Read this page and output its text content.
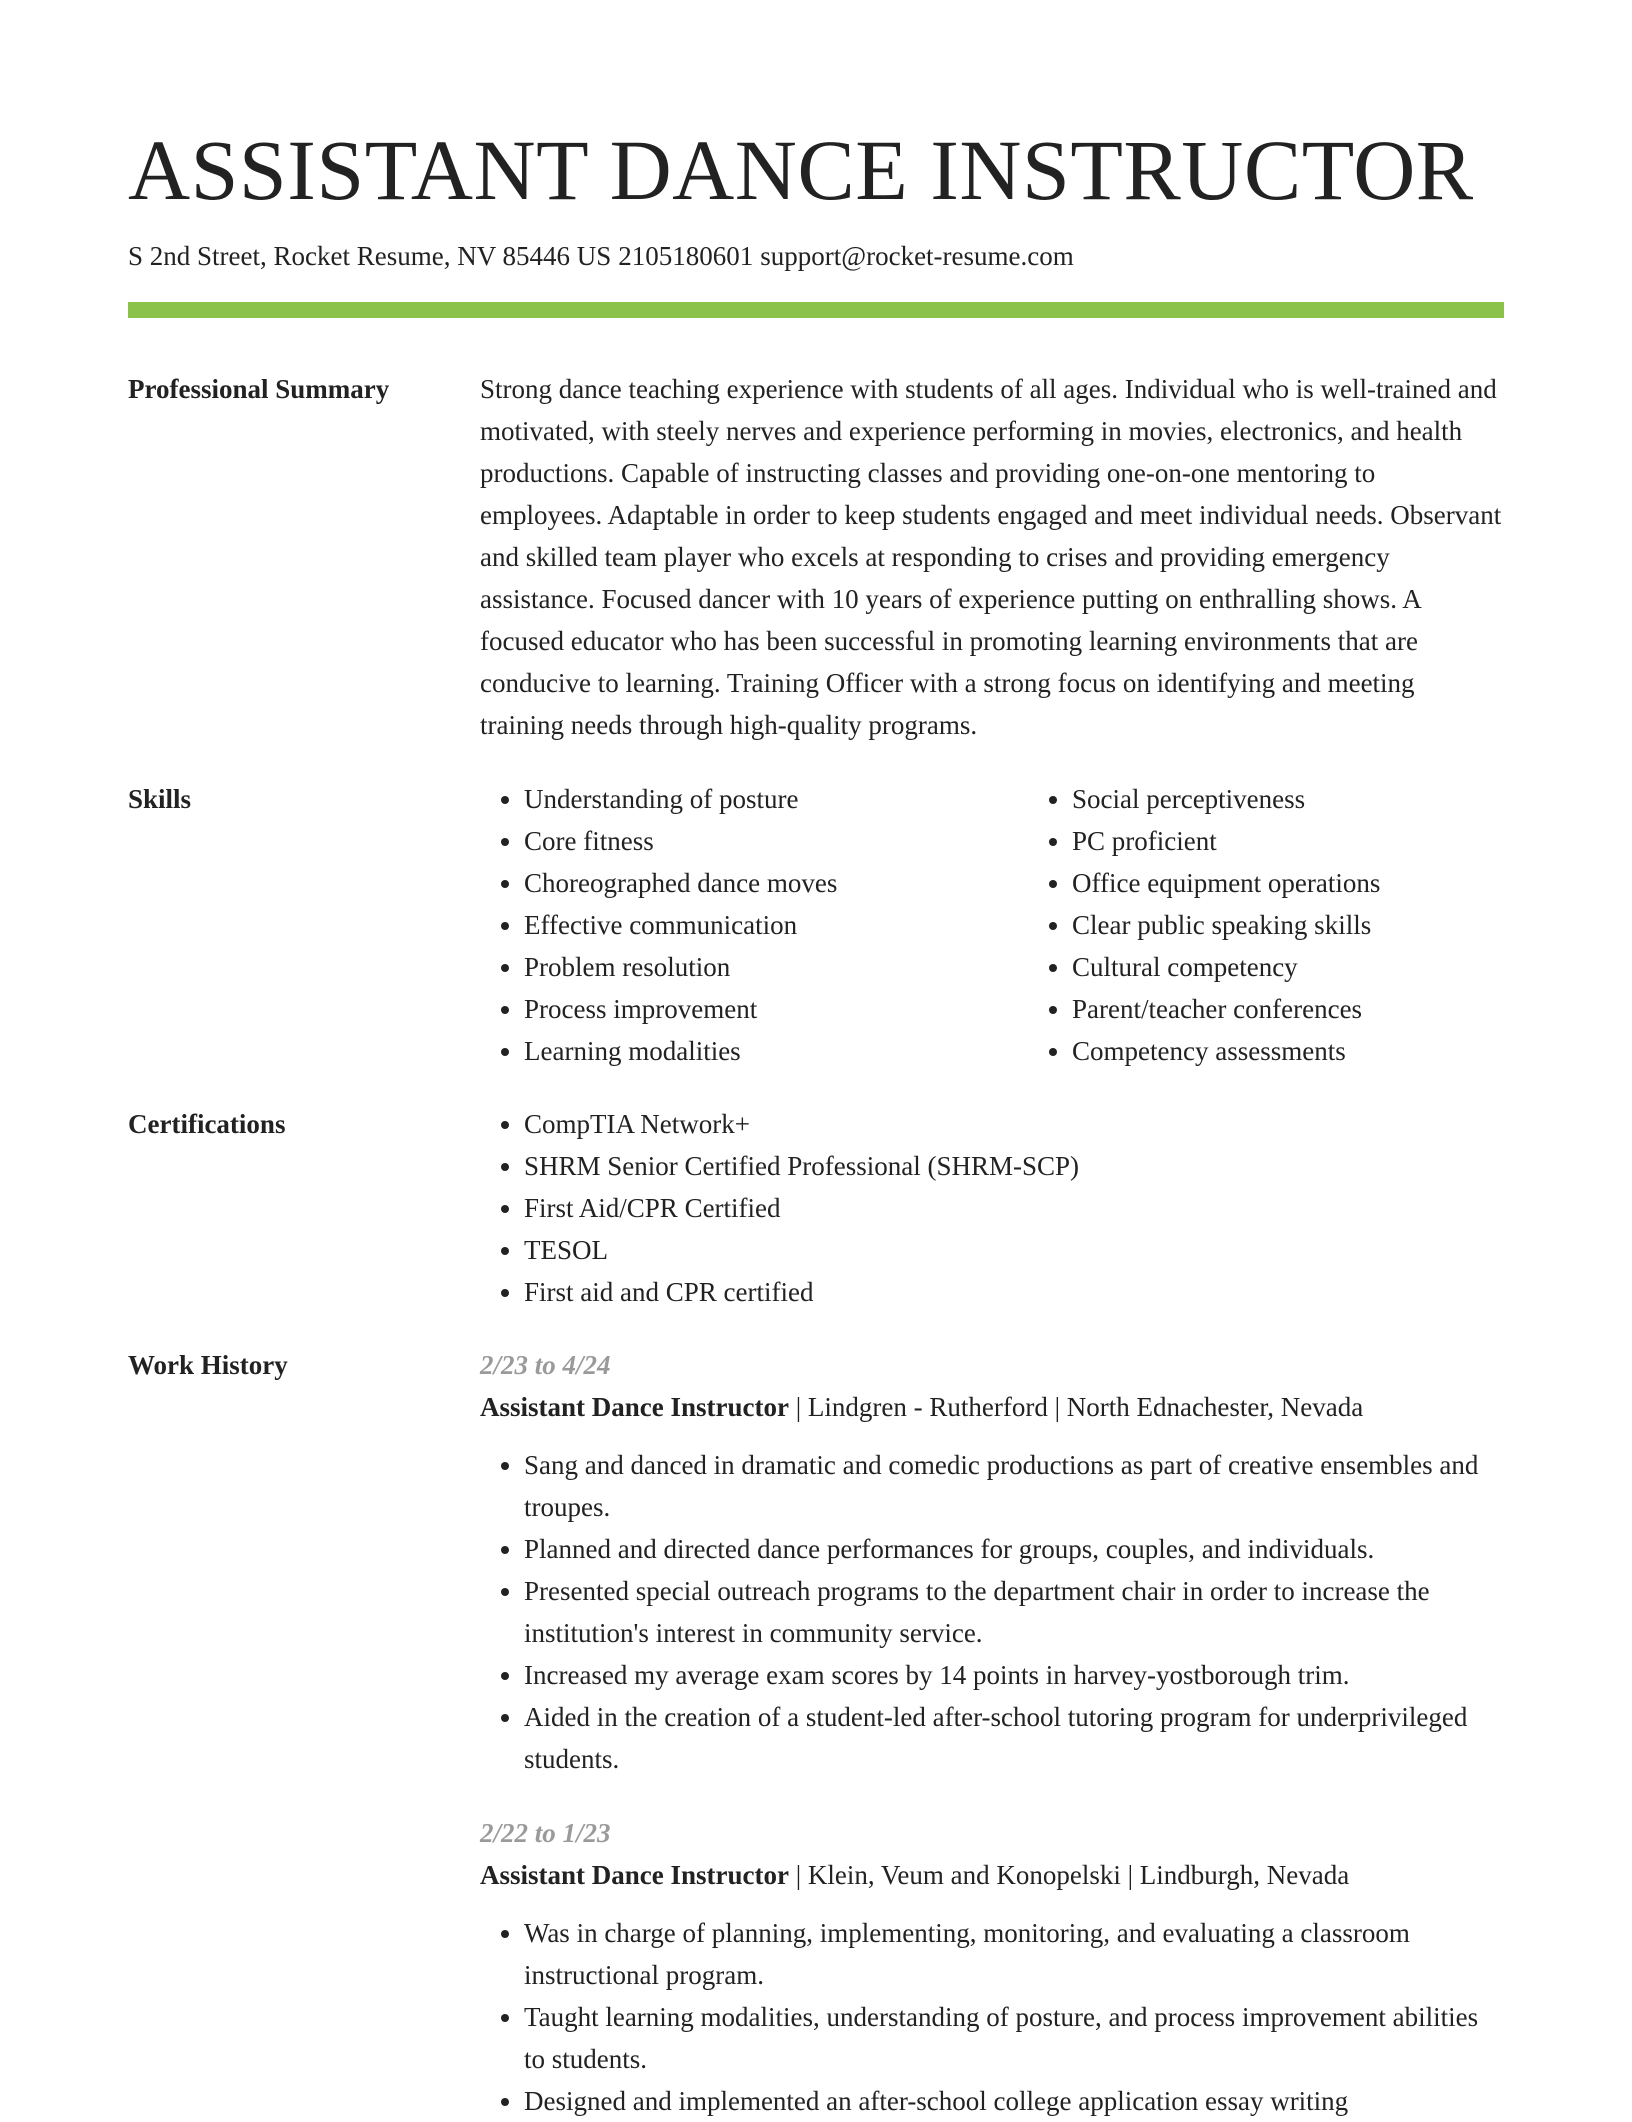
ASSISTANT DANCE INSTRUCTOR
S 2nd Street, Rocket Resume, NV 85446 US 2105180601 support@rocket-resume.com
Professional Summary	Strong dance teaching experience with students of all ages. Individual who is well-trained and motivated, with steely nerves and experience performing in movies, electronics, and health productions. Capable of instructing classes and providing one-on-one mentoring to employees. Adaptable in order to keep students engaged and meet individual needs. Observant and skilled team player who excels at responding to crises and providing emergency assistance. Focused dancer with 10 years of experience putting on enthralling shows. A focused educator who has been successful in promoting learning environments that are conducive to learning. Training Officer with a strong focus on identifying and meeting training needs through high-quality programs.
Skills	• Understanding of posture
• Core fitness
• Choreographed dance moves
• Effective communication
• Problem resolution
• Process improvement
• Learning modalities
• Social perceptiveness
• PC proficient
• Office equipment operations
• Clear public speaking skills
• Cultural competency
• Parent/teacher conferences
• Competency assessments
Certifications	• CompTIA Network+
• SHRM Senior Certified Professional (SHRM-SCP)
• First Aid/CPR Certified
• TESOL
• First aid and CPR certified
Work History	2/23 to 4/24
Assistant Dance Instructor | Lindgren - Rutherford | North Ednachester, Nevada
• Sang and danced in dramatic and comedic productions as part of creative ensembles and troupes.
• Planned and directed dance performances for groups, couples, and individuals.
• Presented special outreach programs to the department chair in order to increase the institution's interest in community service.
• Increased my average exam scores by 14 points in harvey-yostborough trim.
• Aided in the creation of a student-led after-school tutoring program for underprivileged students.
2/22 to 1/23
Assistant Dance Instructor | Klein, Veum and Konopelski | Lindburgh, Nevada
• Was in charge of planning, implementing, monitoring, and evaluating a classroom instructional program.
• Taught learning modalities, understanding of posture, and process improvement abilities to students.
• Designed and implemented an after-school college application essay writing
